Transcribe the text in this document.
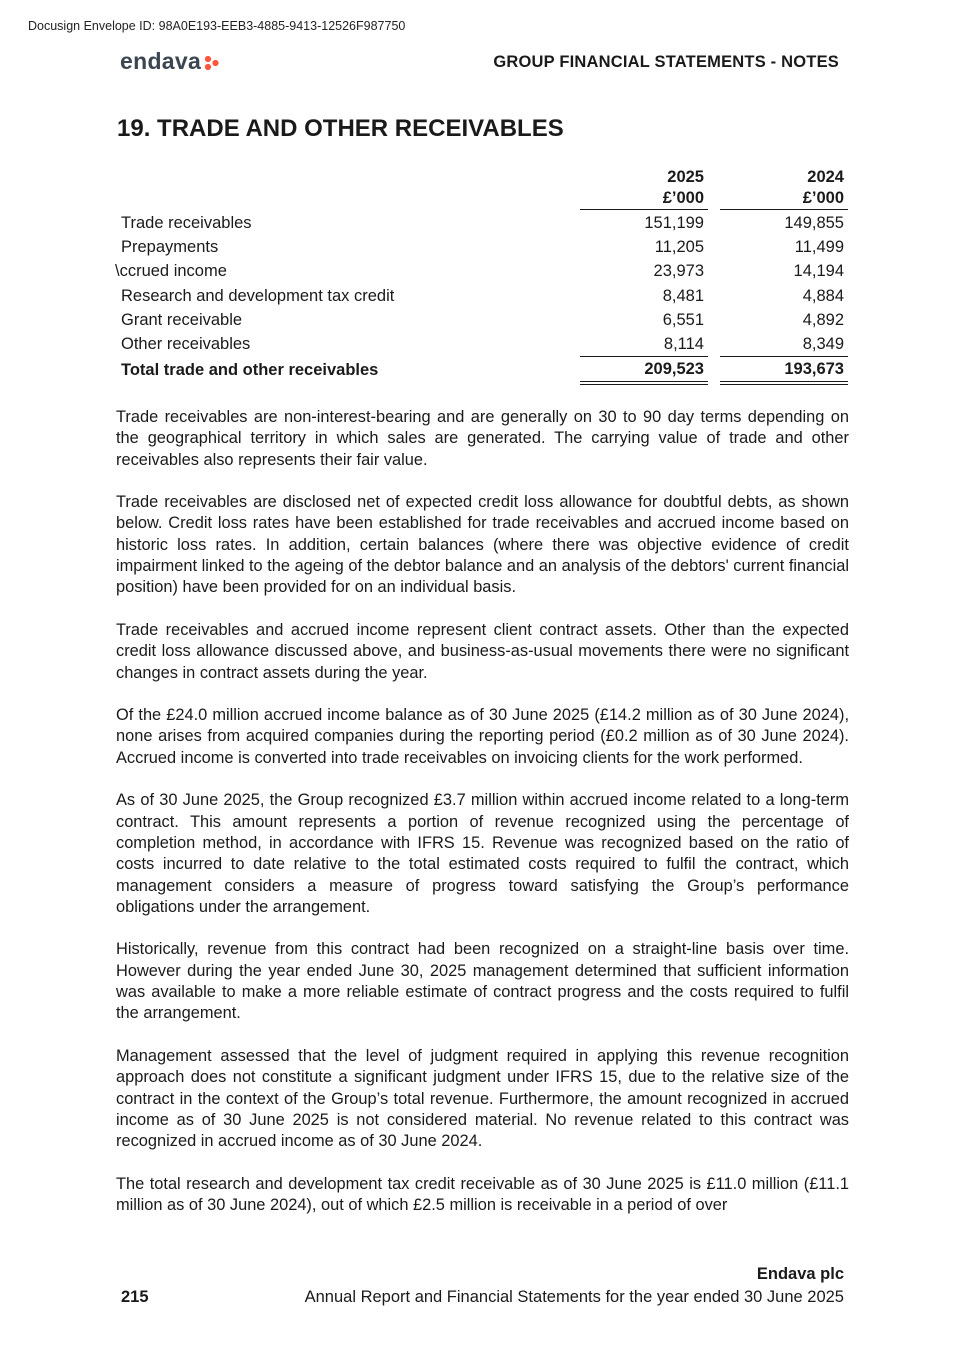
Docusign Envelope ID: 98A0E193-EEB3-4885-9413-12526F987750
endava	GROUP FINANCIAL STATEMENTS - NOTES
19. TRADE AND OTHER RECEIVABLES
	2025		2024
	£’000		£’000
Trade receivables	151,199		149,855
Prepayments	11,205		11,499
\ccrued income	23,973		14,194
Research and development tax credit	8,481		4,884
Grant receivable	6,551		4,892
Other receivables	8,114		8,349
Total trade and other receivables	209,523		193,673

Trade receivables are non-interest-bearing and are generally on 30 to 90 day terms depending on the geographical territory in which sales are generated. The carrying value of trade and other receivables also represents their fair value.

Trade receivables are disclosed net of expected credit loss allowance for doubtful debts, as shown below. Credit loss rates have been established for trade receivables and accrued income based on historic loss rates. In addition, certain balances (where there was objective evidence of credit impairment linked to the ageing of the debtor balance and an analysis of the debtors' current financial position) have been provided for on an individual basis.

Trade receivables and accrued income represent client contract assets. Other than the expected credit loss allowance discussed above, and business-as-usual movements there were no significant changes in contract assets during the year.

Of the £24.0 million accrued income balance as of 30 June 2025 (£14.2 million as of 30 June 2024), none arises from acquired companies during the reporting period (£0.2 million as of 30 June 2024). Accrued income is converted into trade receivables on invoicing clients for the work performed.

As of 30 June 2025, the Group recognized £3.7 million within accrued income related to a long-term contract. This amount represents a portion of revenue recognized using the percentage of completion method, in accordance with IFRS 15. Revenue was recognized based on the ratio of costs incurred to date relative to the total estimated costs required to fulfil the contract, which management considers a measure of progress toward satisfying the Group’s performance obligations under the arrangement.

Historically, revenue from this contract had been recognized on a straight-line basis over time. However during the year ended June 30, 2025 management determined that sufficient information was available to make a more reliable estimate of contract progress and the costs required to fulfil the arrangement.

Management assessed that the level of judgment required in applying this revenue recognition approach does not constitute a significant judgment under IFRS 15, due to the relative size of the contract in the context of the Group’s total revenue. Furthermore, the amount recognized in accrued income as of 30 June 2025 is not considered material. No revenue related to this contract was recognized in accrued income as of 30 June 2024.

The total research and development tax credit receivable as of 30 June 2025 is £11.0 million (£11.1 million as of 30 June 2024), out of which £2.5 million is receivable in a period of over

Endava plc
215	Annual Report and Financial Statements for the year ended 30 June 2025
